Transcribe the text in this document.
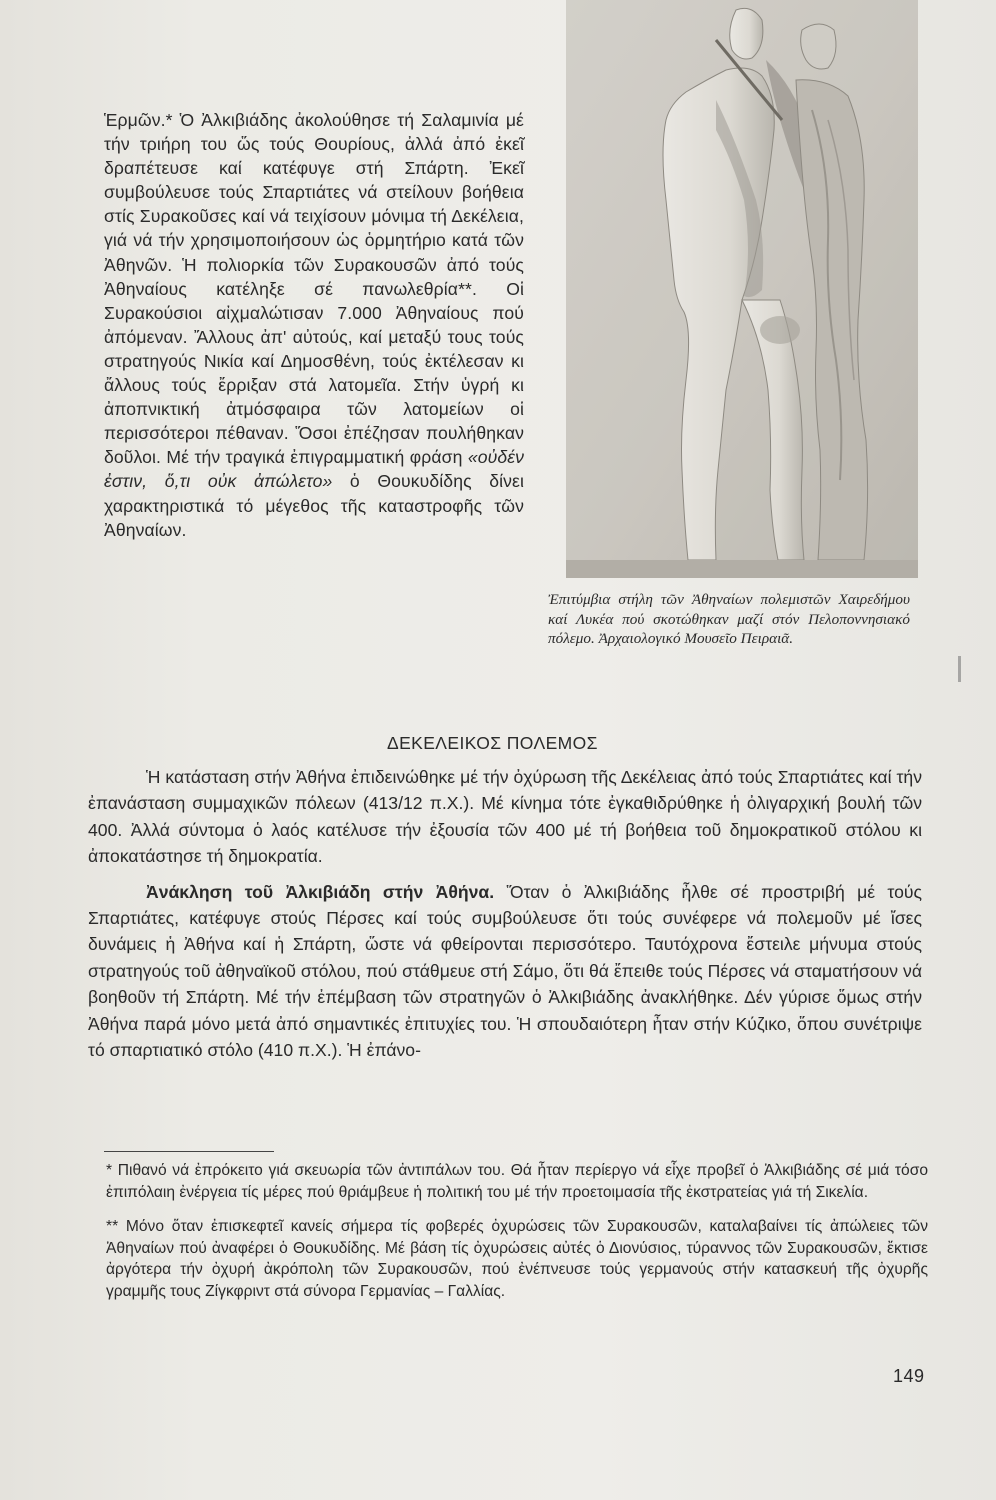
Ἑρμῶν.* Ὁ Ἀλκιβιάδης ἀκολούθησε τή Σαλαμινία μέ τήν τριήρη του ὥς τούς Θουρίους, ἀλλά ἀπό ἐκεῖ δραπέτευσε καί κατέφυγε στή Σπάρτη. Ἐκεῖ συμβούλευσε τούς Σπαρτιάτες νά στείλουν βοήθεια στίς Συρακοῦσες καί νά τειχίσουν μόνιμα τή Δεκέλεια, γιά νά τήν χρησιμοποιήσουν ὡς ὁρμητήριο κατά τῶν Ἀθηνῶν. Ἡ πολιορκία τῶν Συρακουσῶν ἀπό τούς Ἀθηναίους κατέληξε σέ πανωλεθρία**. Οἱ Συρακούσιοι αἰχμαλώτισαν 7.000 Ἀθηναίους πού ἀπόμεναν. Ἄλλους ἀπ' αὐτούς, καί μεταξύ τους τούς στρατηγούς Νικία καί Δημοσθένη, τούς ἐκτέλεσαν κι ἄλλους τούς ἔρριξαν στά λατομεῖα. Στήν ὑγρή κι ἀποπνικτική ἀτμόσφαιρα τῶν λατομείων οἱ περισσότεροι πέθαναν. Ὅσοι ἐπέζησαν πουλήθηκαν δοῦλοι. Μέ τήν τραγικά ἐπιγραμματική φράση «οὐδέν ἐστιν, ὅ,τι οὐκ ἀπώλετο» ὁ Θουκυδίδης δίνει χαρακτηριστικά τό μέγεθος τῆς καταστροφῆς τῶν Ἀθηναίων.

Ἐπιτύμβια στήλη τῶν Ἀθηναίων πολεμιστῶν Χαιρεδήμου καί Λυκέα πού σκοτώθηκαν μαζί στόν Πελοποννησιακό πόλεμο. Ἀρχαιολογικό Μουσεῖο Πειραιᾶ.

ΔΕΚΕΛΕΙΚΟΣ ΠΟΛΕΜΟΣ

Ἡ κατάσταση στήν Ἀθήνα ἐπιδεινώθηκε μέ τήν ὀχύρωση τῆς Δεκέλειας ἀπό τούς Σπαρτιάτες καί τήν ἐπανάσταση συμμαχικῶν πόλεων (413/12 π.Χ.). Μέ κίνημα τότε ἐγκαθιδρύθηκε ἡ ὀλιγαρχική βουλή τῶν 400. Ἀλλά σύντομα ὁ λαός κατέλυσε τήν ἐξουσία τῶν 400 μέ τή βοήθεια τοῦ δημοκρατικοῦ στόλου κι ἀποκατάστησε τή δημοκρατία.

Ἀνάκληση τοῦ Ἀλκιβιάδη στήν Ἀθήνα. Ὅταν ὁ Ἀλκιβιάδης ἦλθε σέ προστριβή μέ τούς Σπαρτιάτες, κατέφυγε στούς Πέρσες καί τούς συμβούλευσε ὅτι τούς συνέφερε νά πολεμοῦν μέ ἴσες δυνάμεις ἡ Ἀθήνα καί ἡ Σπάρτη, ὥστε νά φθείρονται περισσότερο. Ταυτόχρονα ἔστειλε μήνυμα στούς στρατηγούς τοῦ ἀθηναϊκοῦ στόλου, πού στάθμευε στή Σάμο, ὅτι θά ἔπειθε τούς Πέρσες νά σταματήσουν νά βοηθοῦν τή Σπάρτη. Μέ τήν ἐπέμβαση τῶν στρατηγῶν ὁ Ἀλκιβιάδης ἀνακλήθηκε. Δέν γύρισε ὅμως στήν Ἀθήνα παρά μόνο μετά ἀπό σημαντικές ἐπιτυχίες του. Ἡ σπουδαιότερη ἦταν στήν Κύζικο, ὅπου συνέτριψε τό σπαρτιατικό στόλο (410 π.Χ.). Ἡ ἐπάνο-

* Πιθανό νά ἐπρόκειτο γιά σκευωρία τῶν ἀντιπάλων του. Θά ἦταν περίεργο νά εἶχε προβεῖ ὁ Ἀλκιβιάδης σέ μιά τόσο ἐπιπόλαιη ἐνέργεια τίς μέρες πού θριάμβευε ἡ πολιτική του μέ τήν προετοιμασία τῆς ἐκστρατείας γιά τή Σικελία.

** Μόνο ὅταν ἐπισκεφτεῖ κανείς σήμερα τίς φοβερές ὀχυρώσεις τῶν Συρακουσῶν, καταλαβαίνει τίς ἀπώλειες τῶν Ἀθηναίων πού ἀναφέρει ὁ Θουκυδίδης. Μέ βάση τίς ὀχυρώσεις αὐτές ὁ Διονύσιος, τύραννος τῶν Συρακουσῶν, ἔκτισε ἀργότερα τήν ὀχυρή ἀκρόπολη τῶν Συρακουσῶν, πού ἐνέπνευσε τούς γερμανούς στήν κατασκευή τῆς ὀχυρῆς γραμμῆς τους Ζίγκφριντ στά σύνορα Γερμανίας – Γαλλίας.

149
